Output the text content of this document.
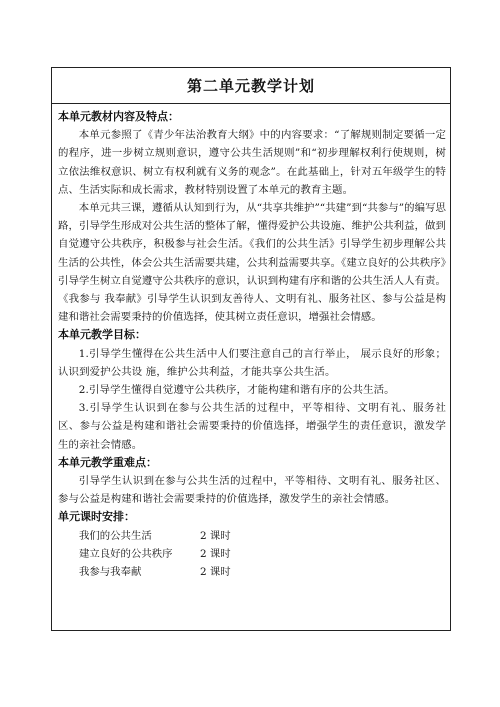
第二单元教学计划

本单元教材内容及特点：

本单元参照了《青少年法治教育大纲》中的内容要求：“了解规则制定要循一定的程序，进一步树立规则意识，遵守公共生活规则”和“初步理解权利行使规则，树立依法维权意识、树立有权利就有义务的观念”。在此基础上，针对五年级学生的特点、生活实际和成长需求，教材特别设置了本单元的教育主题。

本单元共三课，遵循从认知到行为，从“共享共维护”“共建”到“共参与”的编写思路，引导学生形成对公共生活的整体了解，懂得爱护公共设施、维护公共利益，做到自觉遵守公共秩序，积极参与社会生活。《我们的公共生活》引导学生初步理解公共生活的公共性，体会公共生活需要共建，公共利益需要共享。《建立良好的公共秩序》引导学生树立自觉遵守公共秩序的意识，认识到构建有序和谐的公共生活人人有责。《我参与 我奉献》引导学生认识到友善待人、文明有礼、服务社区、参与公益是构建和谐社会需要秉持的价值选择，使其树立责任意识，增强社会情感。

本单元教学目标：

1.引导学生懂得在公共生活中人们要注意自己的言行举止， 展示良好的形象；认识到爱护公共设 施，维护公共利益，才能共享公共生活。

2.引导学生懂得自觉遵守公共秩序，才能构建和谐有序的公共生活。

3.引导学生认识到在参与公共生活的过程中，平等相待、文明有礼、服务社区、参与公益是构建和谐社会需要秉持的价值选择，增强学生的责任意识，激发学生的亲社会情感。

本单元教学重难点：

引导学生认识到在参与公共生活的过程中，平等相待、文明有礼、服务社区、参与公益是构建和谐社会需要秉持的价值选择，激发学生的亲社会情感。

单元课时安排：

我们的公共生活	2 课时
建立良好的公共秩序	2 课时
我参与我奉献	2 课时
